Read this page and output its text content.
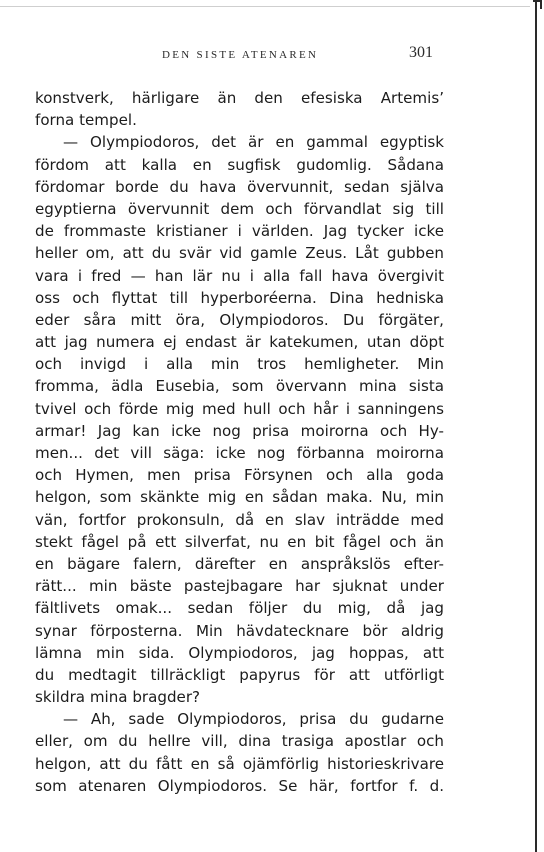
DEN SISTE ATENAREN	301
konstverk, härligare än den efesiska Artemis’
forna tempel.
— Olympiodoros, det är en gammal egyptisk
fördom att kalla en sugfisk gudomlig. Sådana
fördomar borde du hava övervunnit, sedan själva
egyptierna övervunnit dem och förvandlat sig till
de frommaste kristianer i världen. Jag tycker icke
heller om, att du svär vid gamle Zeus. Låt gubben
vara i fred — han lär nu i alla fall hava övergivit
oss och flyttat till hyperboréerna. Dina hedniska
eder såra mitt öra, Olympiodoros. Du förgäter,
att jag numera ej endast är katekumen, utan döpt
och invigd i alla min tros hemligheter. Min
fromma, ädla Eusebia, som övervann mina sista
tvivel och förde mig med hull och hår i sanningens
armar! Jag kan icke nog prisa moirorna och Hy-
men... det vill säga: icke nog förbanna moirorna
och Hymen, men prisa Försynen och alla goda
helgon, som skänkte mig en sådan maka. Nu, min
vän, fortfor prokonsuln, då en slav inträdde med
stekt fågel på ett silverfat, nu en bit fågel och än
en bägare falern, därefter en anspråkslös efter-
rätt... min bäste pastejbagare har sjuknat under
fältlivets omak... sedan följer du mig, då jag
synar förposterna. Min hävdatecknare bör aldrig
lämna min sida. Olympiodoros, jag hoppas, att
du medtagit tillräckligt papyrus för att utförligt
skildra mina bragder?
— Ah, sade Olympiodoros, prisa du gudarne
eller, om du hellre vill, dina trasiga apostlar och
helgon, att du fått en så ojämförlig historieskrivare
som atenaren Olympiodoros. Se här, fortfor f. d.
